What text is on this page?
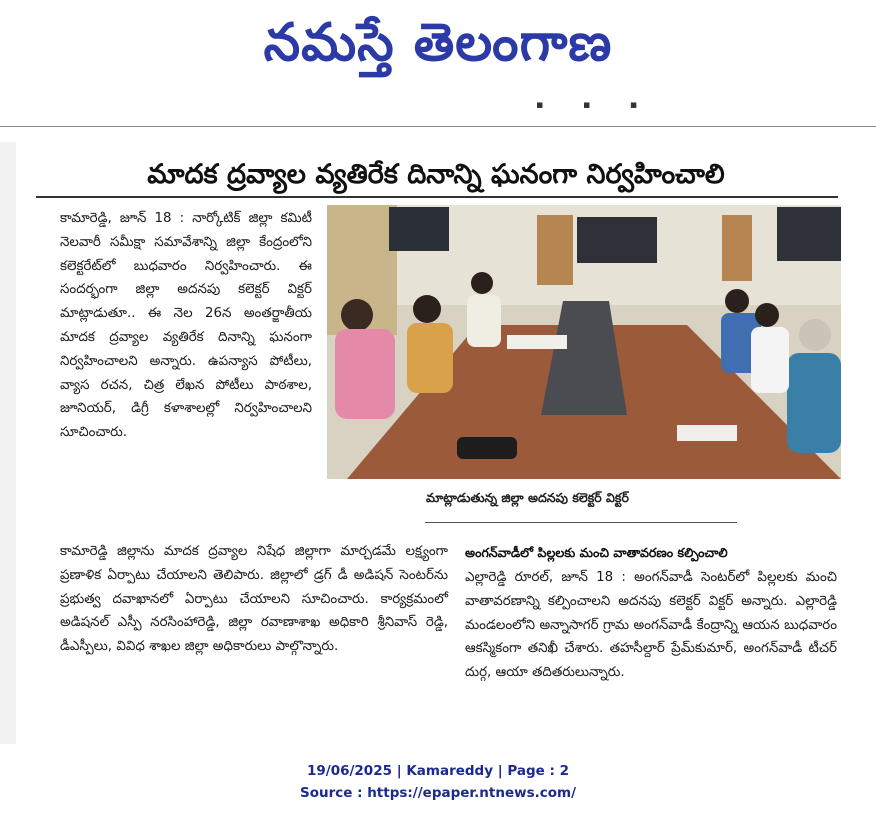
నమస్తే తెలంగాణ
▪ ▪ ▪
మాదక ద్రవ్యాల వ్యతిరేక దినాన్ని ఘనంగా నిర్వహించాలి

కామారెడ్డి, జూన్ 18 : నార్కోటిక్ జిల్లా కమిటీ నెలవారీ సమీక్షా సమావేశాన్ని జిల్లా కేంద్రంలోని కలెక్టరేట్‌లో బుధవారం నిర్వహించారు. ఈ సందర్భంగా జిల్లా అదనపు కలెక్టర్ విక్టర్ మాట్లాడుతూ.. ఈ నెల 26న అంతర్జాతీయ మాదక ద్రవ్యాల వ్యతిరేక దినాన్ని ఘనంగా నిర్వహించాలని అన్నారు. ఉపన్యాస పోటీలు, వ్యాస రచన, చిత్ర లేఖన పోటీలు పాఠశాల, జూనియర్, డిగ్రీ కళాశాలల్లో నిర్వహించాలని సూచించారు.

మాట్లాడుతున్న జిల్లా అదనపు కలెక్టర్ విక్టర్

కామారెడ్డి జిల్లాను మాదక ద్రవ్యాల నిషేధ జిల్లాగా మార్చడమే లక్ష్యంగా ప్రణాళిక ఏర్పాటు చేయాలని తెలిపారు. జిల్లాలో డ్రగ్ డీ అడిషన్ సెంటర్‌ను ప్రభుత్వ దవాఖానలో ఏర్పాటు చేయాలని సూచించారు. కార్యక్రమంలో అడిషనల్ ఎస్పీ నరసింహారెడ్డి, జిల్లా రవాణాశాఖ అధికారి శ్రీనివాస్ రెడ్డి, డీఎస్పీలు, వివిధ శాఖల జిల్లా అధికారులు పాల్గొన్నారు.

అంగన్‌వాడీలో పిల్లలకు మంచి వాతావరణం కల్పించాలి

ఎల్లారెడ్డి రూరల్, జూన్ 18 : అంగన్‌వాడీ సెంటర్‌లో పిల్లలకు మంచి వాతావరణాన్ని కల్పించాలని అదనపు కలెక్టర్ విక్టర్ అన్నారు. ఎల్లారెడ్డి మండలంలోని అన్నాసాగర్ గ్రామ అంగన్‌వాడీ కేంద్రాన్ని ఆయన బుధవారం ఆకస్మికంగా తనిఖీ చేశారు. తహసీల్దార్ ప్రేమ్‌కుమార్, అంగన్‌వాడీ టీచర్ దుర్గ, ఆయా తదితరులున్నారు.

19/06/2025 | Kamareddy | Page : 2
Source : https://epaper.ntnews.com/
